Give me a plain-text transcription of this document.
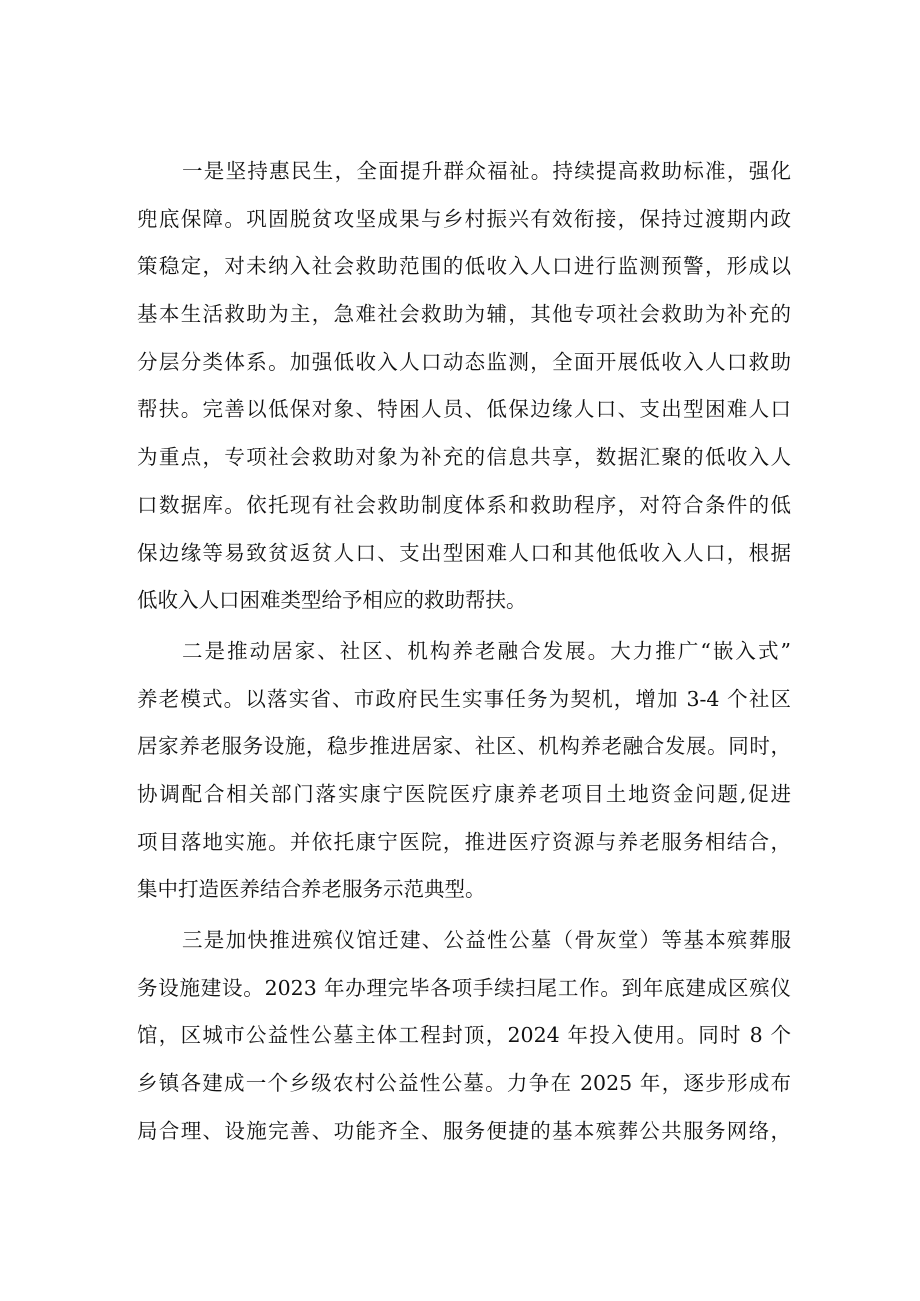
一是坚持惠民生，全面提升群众福祉。持续提高救助标准，强化
兜底保障。巩固脱贫攻坚成果与乡村振兴有效衔接，保持过渡期内政
策稳定，对未纳入社会救助范围的低收入人口进行监测预警，形成以
基本生活救助为主，急难社会救助为辅，其他专项社会救助为补充的
分层分类体系。加强低收入人口动态监测，全面开展低收入人口救助
帮扶。完善以低保对象、特困人员、低保边缘人口、支出型困难人口
为重点，专项社会救助对象为补充的信息共享，数据汇聚的低收入人
口数据库。依托现有社会救助制度体系和救助程序，对符合条件的低
保边缘等易致贫返贫人口、支出型困难人口和其他低收入人口，根据
低收入人口困难类型给予相应的救助帮扶。
二是推动居家、社区、机构养老融合发展。大力推广“嵌入式”
养老模式。以落实省、市政府民生实事任务为契机，增加 3-4 个社区
居家养老服务设施，稳步推进居家、社区、机构养老融合发展。同时，
协调配合相关部门落实康宁医院医疗康养老项目土地资金问题,促进
项目落地实施。并依托康宁医院，推进医疗资源与养老服务相结合，
集中打造医养结合养老服务示范典型。
三是加快推进殡仪馆迁建、公益性公墓（骨灰堂）等基本殡葬服
务设施建设。2023 年办理完毕各项手续扫尾工作。到年底建成区殡仪
馆，区城市公益性公墓主体工程封顶，2024 年投入使用。同时 8 个
乡镇各建成一个乡级农村公益性公墓。力争在 2025 年，逐步形成布
局合理、设施完善、功能齐全、服务便捷的基本殡葬公共服务网络，
